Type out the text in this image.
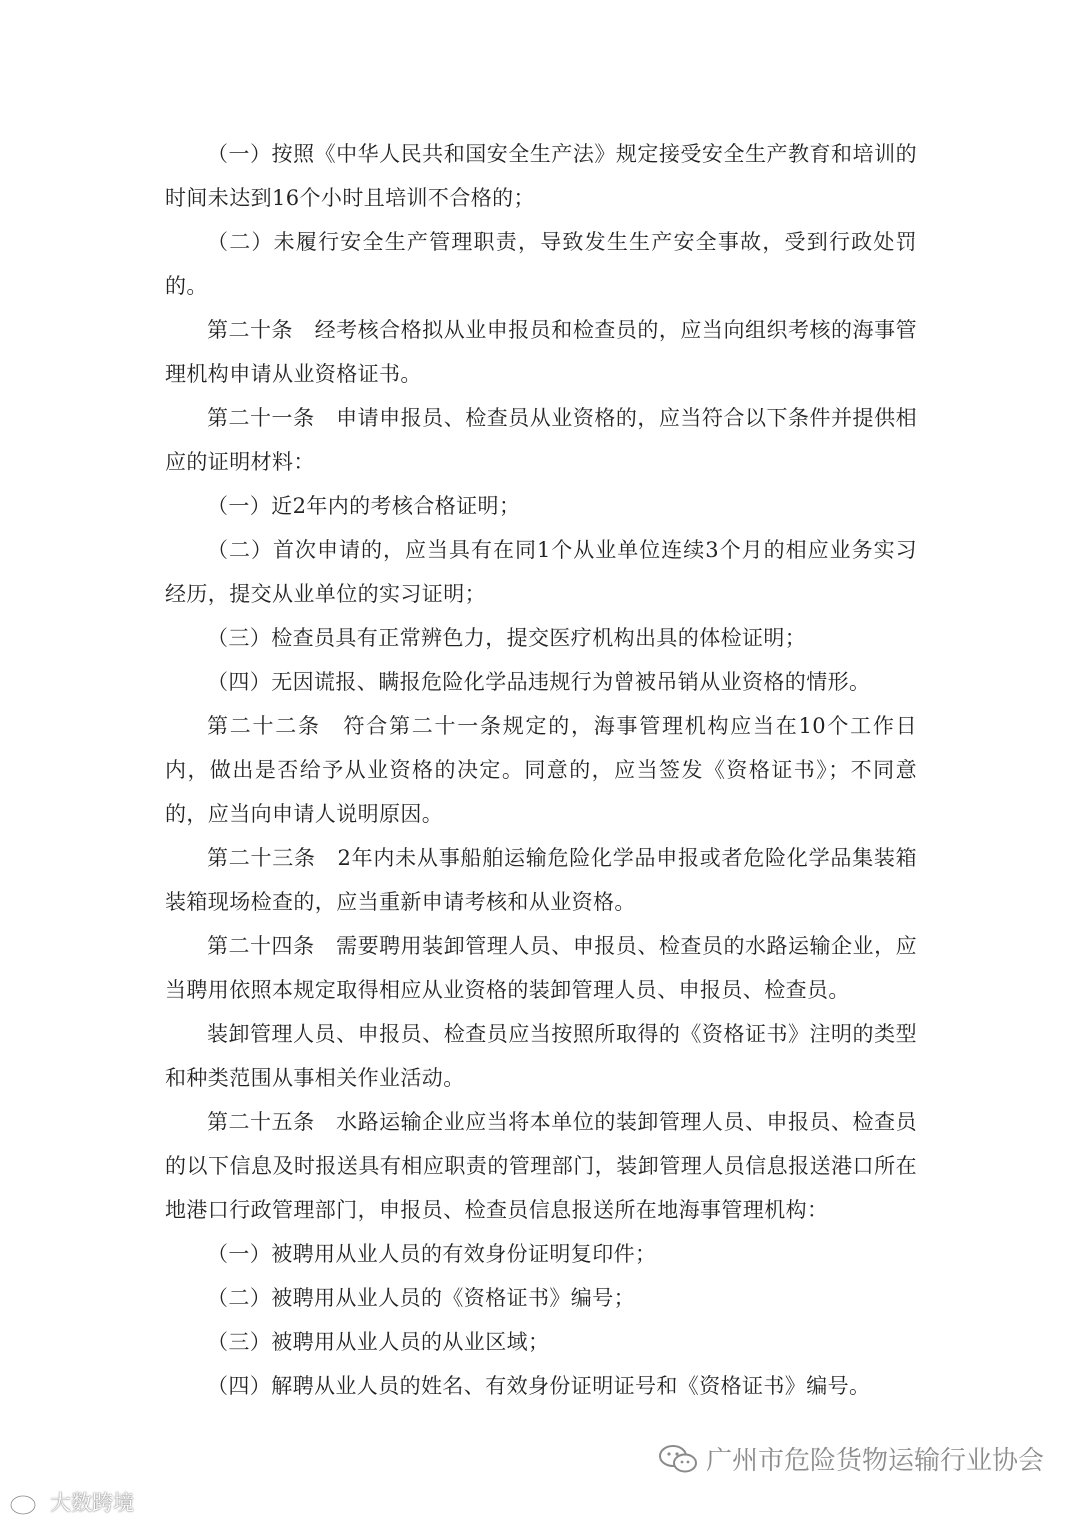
（一）按照《中华人民共和国安全生产法》规定接受安全生产教育和培训的时间未达到16个小时且培训不合格的；

（二）未履行安全生产管理职责，导致发生生产安全事故，受到行政处罚的。

第二十条　经考核合格拟从业申报员和检查员的，应当向组织考核的海事管理机构申请从业资格证书。

第二十一条　申请申报员、检查员从业资格的，应当符合以下条件并提供相应的证明材料：

（一）近2年内的考核合格证明；

（二）首次申请的，应当具有在同1个从业单位连续3个月的相应业务实习经历，提交从业单位的实习证明；

（三）检查员具有正常辨色力，提交医疗机构出具的体检证明；

（四）无因谎报、瞒报危险化学品违规行为曾被吊销从业资格的情形。

第二十二条　符合第二十一条规定的，海事管理机构应当在10个工作日内，做出是否给予从业资格的决定。同意的，应当签发《资格证书》；不同意的，应当向申请人说明原因。

第二十三条　2年内未从事船舶运输危险化学品申报或者危险化学品集装箱装箱现场检查的，应当重新申请考核和从业资格。

第二十四条　需要聘用装卸管理人员、申报员、检查员的水路运输企业，应当聘用依照本规定取得相应从业资格的装卸管理人员、申报员、检查员。

装卸管理人员、申报员、检查员应当按照所取得的《资格证书》注明的类型和种类范围从事相关作业活动。

第二十五条　水路运输企业应当将本单位的装卸管理人员、申报员、检查员的以下信息及时报送具有相应职责的管理部门，装卸管理人员信息报送港口所在地港口行政管理部门，申报员、检查员信息报送所在地海事管理机构：

（一）被聘用从业人员的有效身份证明复印件；

（二）被聘用从业人员的《资格证书》编号；

（三）被聘用从业人员的从业区域；

（四）解聘从业人员的姓名、有效身份证明证号和《资格证书》编号。

广州市危险货物运输行业协会
大数跨境
